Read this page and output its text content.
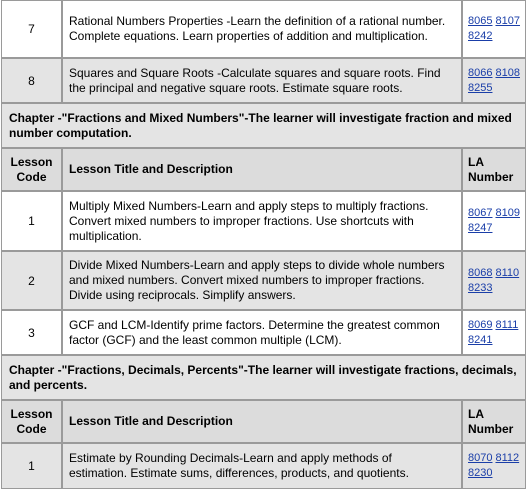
7
Rational Numbers Properties -Learn the definition of a rational number. Complete equations. Learn properties of addition and multiplication.
8065 8107
8242
8
Squares and Square Roots -Calculate squares and square roots. Find the principal and negative square roots. Estimate square roots.
8066 8108
8255
Chapter -"Fractions and Mixed Numbers"-The learner will investigate fraction and mixed number computation.
Lesson Code
Lesson Title and Description
LA Number
1
Multiply Mixed Numbers-Learn and apply steps to multiply fractions. Convert mixed numbers to improper fractions. Use shortcuts with multiplication.
8067 8109
8247
2
Divide Mixed Numbers-Learn and apply steps to divide whole numbers and mixed numbers. Convert mixed numbers to improper fractions. Divide using reciprocals. Simplify answers.
8068 8110
8233
3
GCF and LCM-Identify prime factors. Determine the greatest common factor (GCF) and the least common multiple (LCM).
8069 8111
8241
Chapter -"Fractions, Decimals, Percents"-The learner will investigate fractions, decimals, and percents.
Lesson Code
Lesson Title and Description
LA Number
1
Estimate by Rounding Decimals-Learn and apply methods of estimation. Estimate sums, differences, products, and quotients.
8070 8112
8230
